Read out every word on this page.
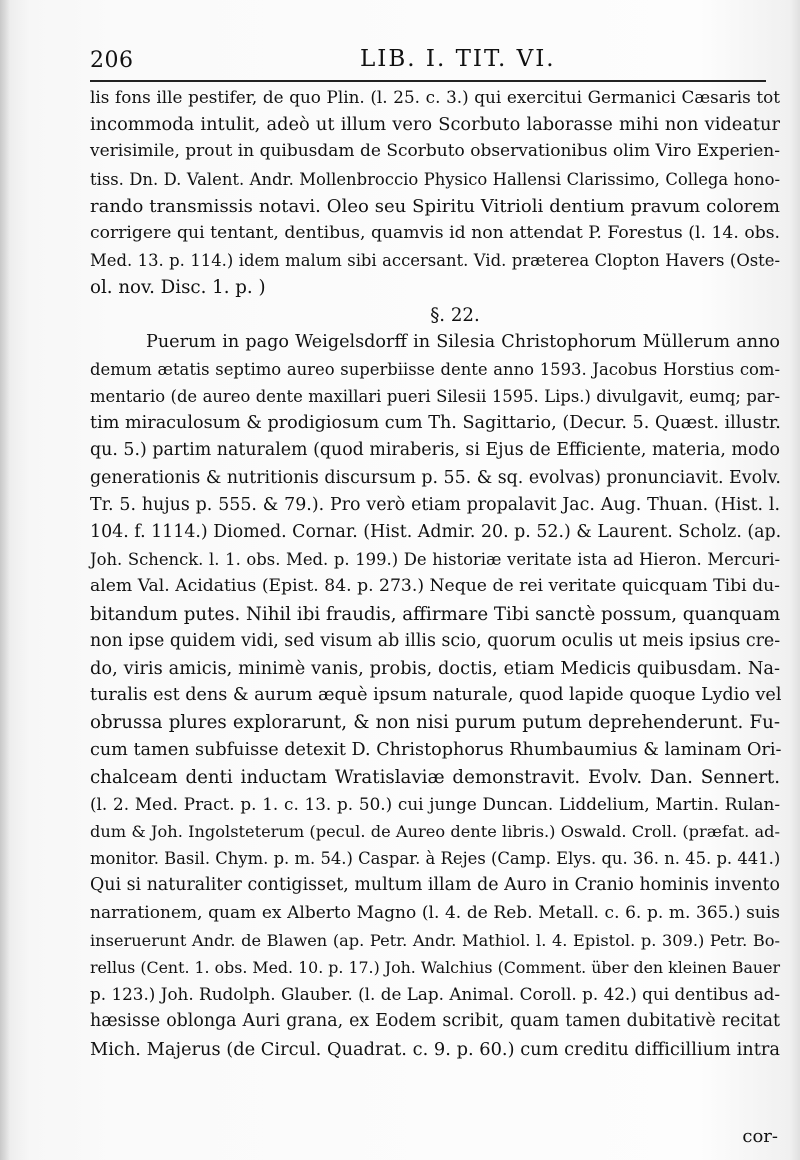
206	LIB. I. TIT. VI.
lis fons ille pestifer, de quo Plin. (l. 25. c. 3.) qui exercitui Germanici Cæsaris tot
incommoda intulit, adeò ut illum vero Scorbuto laborasse mihi non videatur
verisimile, prout in quibusdam de Scorbuto observationibus olim Viro Experien-
tiss. Dn. D. Valent. Andr. Mollenbroccio Physico Hallensi Clarissimo, Collega hono-
rando transmissis notavi. Oleo seu Spiritu Vitrioli dentium pravum colorem
corrigere qui tentant, dentibus, quamvis id non attendat P. Forestus (l. 14. obs.
Med. 13. p. 114.) idem malum sibi accersant. Vid. præterea Clopton Havers (Oste-
ol. nov. Disc. 1. p. )
§. 22.
Puerum in pago Weigelsdorff in Silesia Christophorum Müllerum anno
demum ætatis septimo aureo superbiisse dente anno 1593. Jacobus Horstius com-
mentario (de aureo dente maxillari pueri Silesii 1595. Lips.) divulgavit, eumq; par-
tim miraculosum & prodigiosum cum Th. Sagittario, (Decur. 5. Quæst. illustr.
qu. 5.) partim naturalem (quod miraberis, si Ejus de Efficiente, materia, modo
generationis & nutritionis discursum p. 55. & sq. evolvas) pronunciavit. Evolv.
Tr. 5. hujus p. 555. & 79.). Pro verò etiam propalavit Jac. Aug. Thuan. (Hist. l.
104. f. 1114.) Diomed. Cornar. (Hist. Admir. 20. p. 52.) & Laurent. Scholz. (ap.
Joh. Schenck. l. 1. obs. Med. p. 199.) De historiæ veritate ista ad Hieron. Mercuri-
alem Val. Acidatius (Epist. 84. p. 273.) Neque de rei veritate quicquam Tibi du-
bitandum putes. Nihil ibi fraudis, affirmare Tibi sanctè possum, quanquam
non ipse quidem vidi, sed visum ab illis scio, quorum oculis ut meis ipsius cre-
do, viris amicis, minimè vanis, probis, doctis, etiam Medicis quibusdam. Na-
turalis est dens & aurum æquè ipsum naturale, quod lapide quoque Lydio vel
obrussa plures explorarunt, & non nisi purum putum deprehenderunt. Fu-
cum tamen subfuisse detexit D. Christophorus Rhumbaumius & laminam Ori-
chalceam denti inductam Wratislaviæ demonstravit. Evolv. Dan. Sennert.
(l. 2. Med. Pract. p. 1. c. 13. p. 50.) cui junge Duncan. Liddelium, Martin. Rulan-
dum & Joh. Ingolsteterum (pecul. de Aureo dente libris.) Oswald. Croll. (præfat. ad-
monitor. Basil. Chym. p. m. 54.) Caspar. à Rejes (Camp. Elys. qu. 36. n. 45. p. 441.)
Qui si naturaliter contigisset, multum illam de Auro in Cranio hominis invento
narrationem, quam ex Alberto Magno (l. 4. de Reb. Metall. c. 6. p. m. 365.) suis
inseruerunt Andr. de Blawen (ap. Petr. Andr. Mathiol. l. 4. Epistol. p. 309.) Petr. Bo-
rellus (Cent. 1. obs. Med. 10. p. 17.) Joh. Walchius (Comment. über den kleinen Bauer
p. 123.) Joh. Rudolph. Glauber. (l. de Lap. Animal. Coroll. p. 42.) qui dentibus ad-
hæsisse oblonga Auri grana, ex Eodem scribit, quam tamen dubitativè recitat
Mich. Majerus (de Circul. Quadrat. c. 9. p. 60.) cum creditu difficillium intra
cor-
